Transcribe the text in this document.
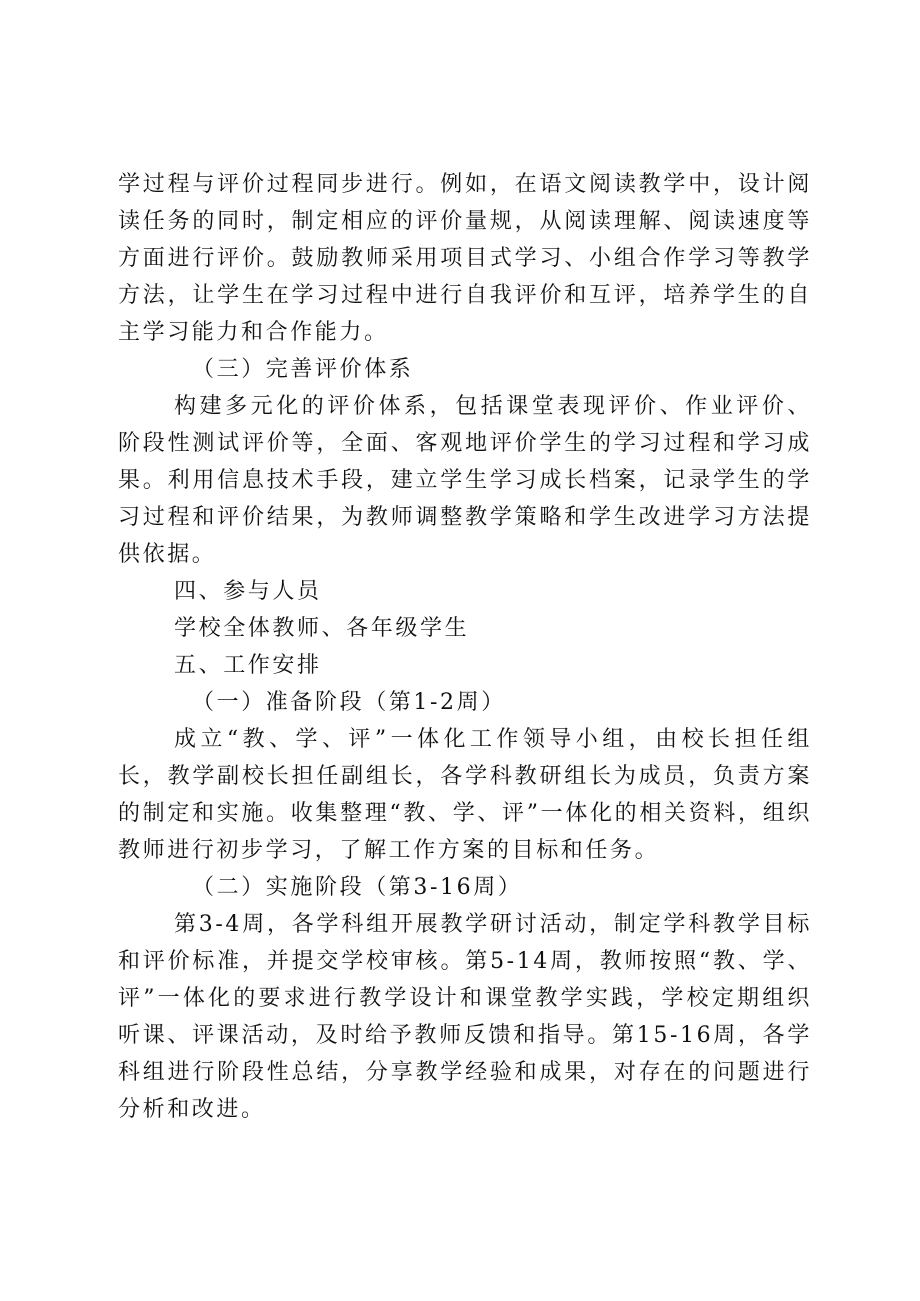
学过程与评价过程同步进行。例如，在语文阅读教学中，设计阅读任务的同时，制定相应的评价量规，从阅读理解、阅读速度等方面进行评价。鼓励教师采用项目式学习、小组合作学习等教学方法，让学生在学习过程中进行自我评价和互评，培养学生的自主学习能力和合作能力。

（三）完善评价体系

构建多元化的评价体系，包括课堂表现评价、作业评价、阶段性测试评价等，全面、客观地评价学生的学习过程和学习成果。利用信息技术手段，建立学生学习成长档案，记录学生的学习过程和评价结果，为教师调整教学策略和学生改进学习方法提供依据。

四、参与人员

学校全体教师、各年级学生

五、工作安排

（一）准备阶段（第1-2周）

成立“教、学、评”一体化工作领导小组，由校长担任组长，教学副校长担任副组长，各学科教研组长为成员，负责方案的制定和实施。收集整理“教、学、评”一体化的相关资料，组织教师进行初步学习，了解工作方案的目标和任务。

（二）实施阶段（第3-16周）

第3-4周，各学科组开展教学研讨活动，制定学科教学目标和评价标准，并提交学校审核。第5-14周，教师按照“教、学、评”一体化的要求进行教学设计和课堂教学实践，学校定期组织听课、评课活动，及时给予教师反馈和指导。第15-16周，各学科组进行阶段性总结，分享教学经验和成果，对存在的问题进行分析和改进。
